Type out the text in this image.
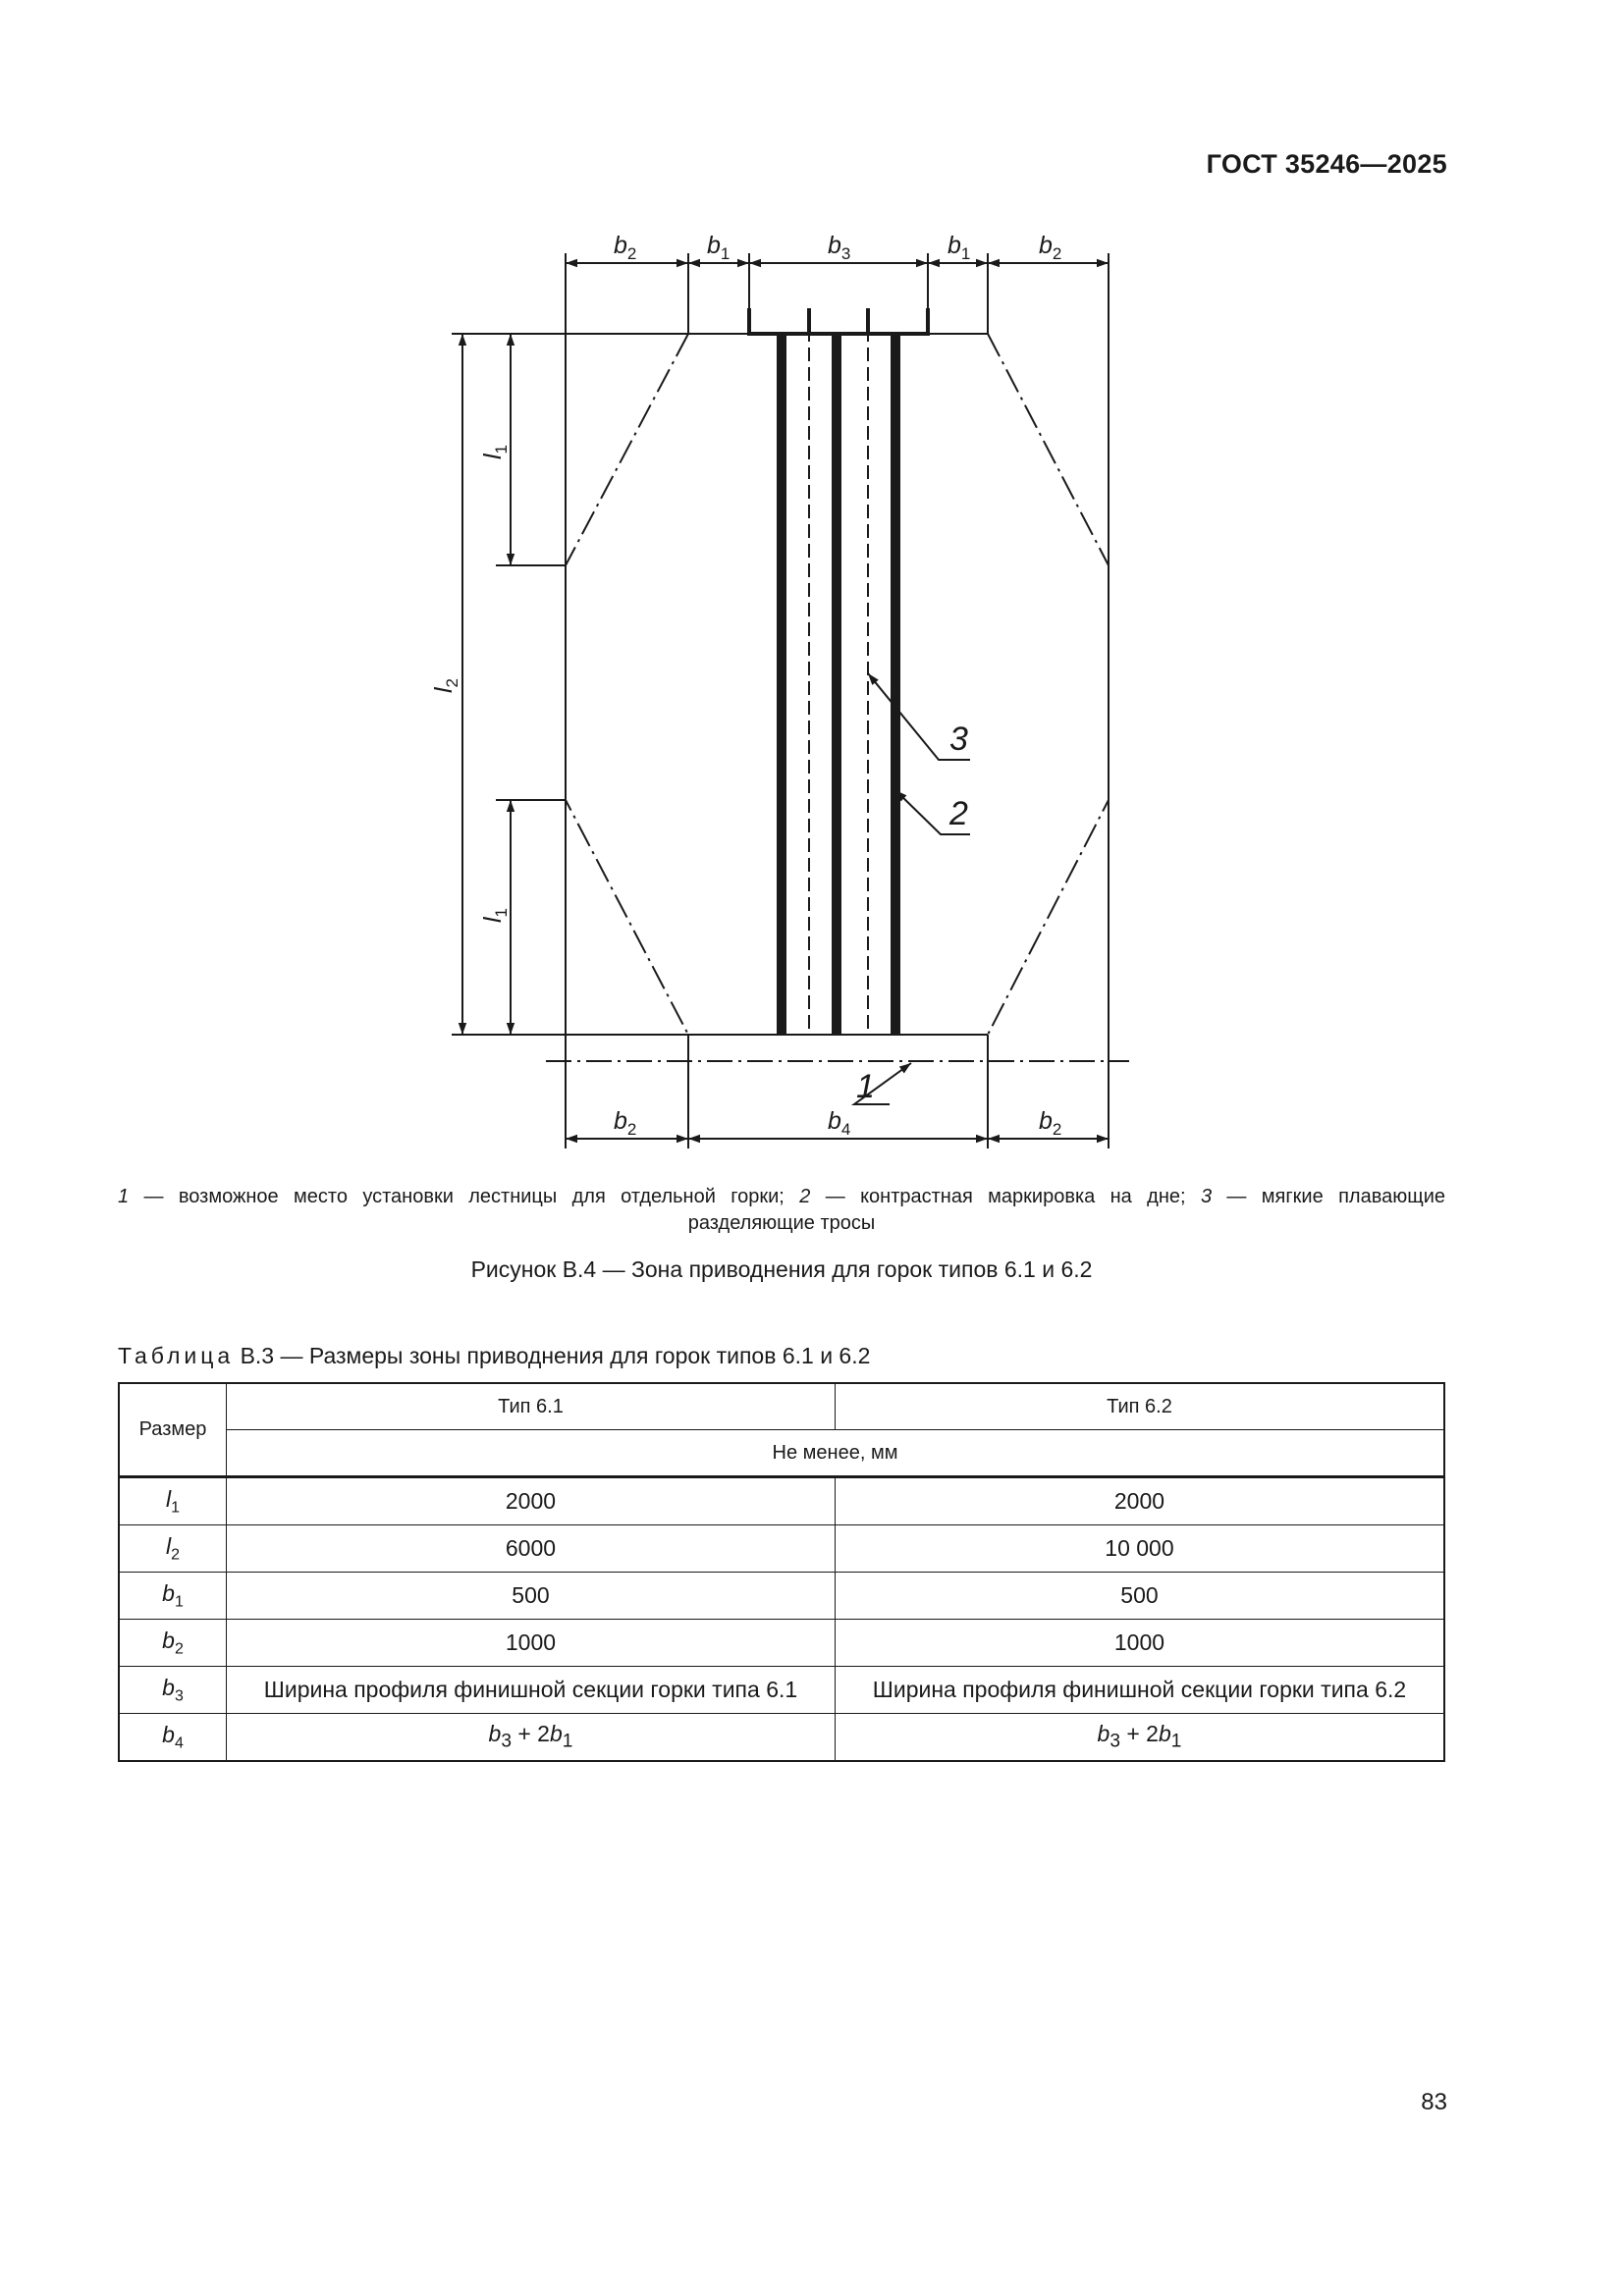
ГОСТ 35246—2025
$b_2$	$b_1$	$b_3$	$b_1$	$b_2$
$b_2$	$b_4$	$b_2$
$l_1$
$l_2$
$l_1$
3
2
1
1 — возможное место установки лестницы для отдельной горки; 2 — контрастная маркировка на дне; 3 — мягкие плавающие
разделяющие тросы
Рисунок В.4 — Зона приводнения для горок типов 6.1 и 6.2
Таблица В.3 — Размеры зоны приводнения для горок типов 6.1 и 6.2
Размер	Тип 6.1	Тип 6.2
	Не менее, мм	
$l_1$	2000	2000
$l_2$	6000	10 000
$b_1$	500	500
$b_2$	1000	1000
$b_3$	Ширина профиля финишной секции горки типа 6.1	Ширина профиля финишной секции горки типа 6.2
$b_4$	$b_3 + 2b_1$	$b_3 + 2b_1$
83
